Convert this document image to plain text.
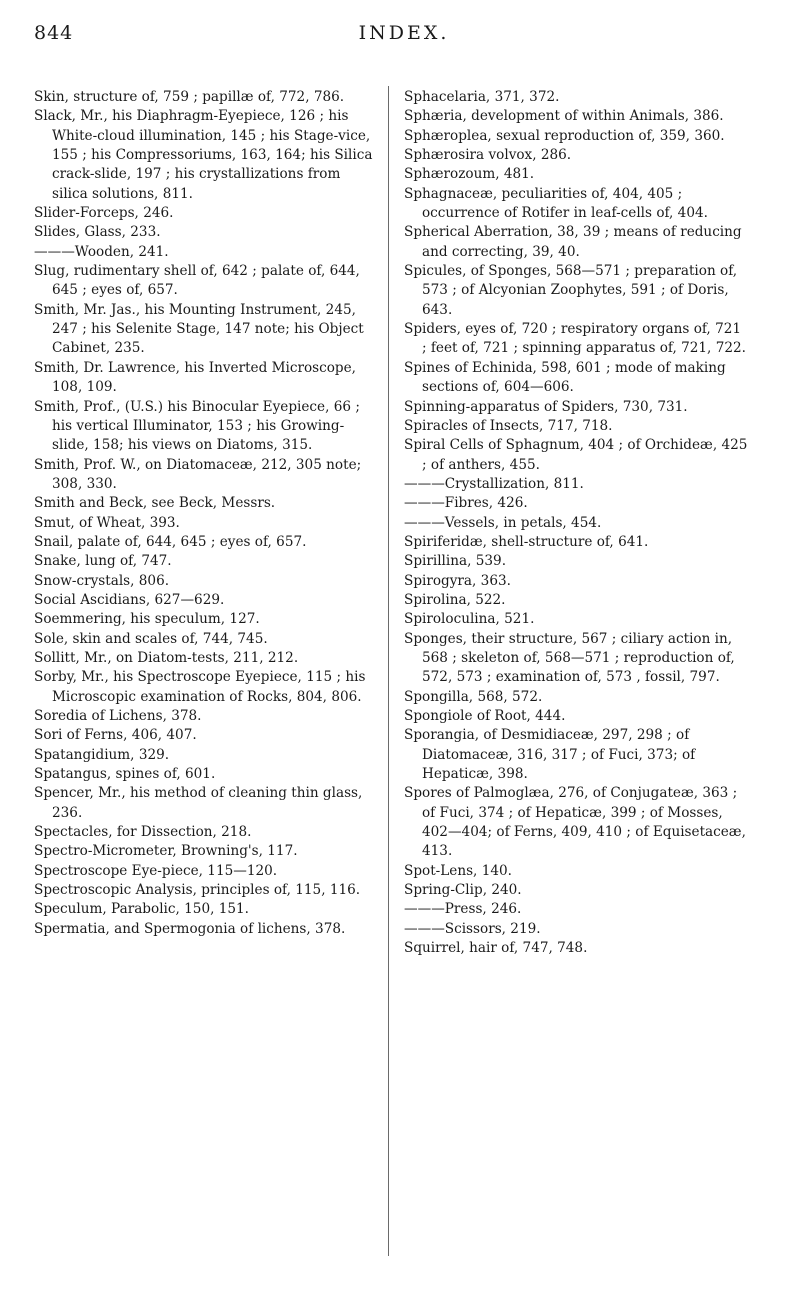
844	INDEX.

Skin, structure of, 759 ; papillæ of, 772, 786.

Slack, Mr., his Diaphragm-Eyepiece, 126 ; his White-cloud illumination, 145 ; his Stage-vice, 155 ; his Compressoriums, 163, 164; his Silica crack-slide, 197 ; his crystallizations from silica solutions, 811.

Slider-Forceps, 246.

Slides, Glass, 233.

———Wooden, 241.

Slug, rudimentary shell of, 642 ; palate of, 644, 645 ; eyes of, 657.

Smith, Mr. Jas., his Mounting Instrument, 245, 247 ; his Selenite Stage, 147 note; his Object Cabinet, 235.

Smith, Dr. Lawrence, his Inverted Microscope, 108, 109.

Smith, Prof., (U.S.) his Binocular Eyepiece, 66 ; his vertical Illuminator, 153 ; his Growing-slide, 158; his views on Diatoms, 315.

Smith, Prof. W., on Diatomaceæ, 212, 305 note; 308, 330.

Smith and Beck, see Beck, Messrs.

Smut, of Wheat, 393.

Snail, palate of, 644, 645 ; eyes of, 657.

Snake, lung of, 747.

Snow-crystals, 806.

Social Ascidians, 627—629.

Soemmering, his speculum, 127.

Sole, skin and scales of, 744, 745.

Sollitt, Mr., on Diatom-tests, 211, 212.

Sorby, Mr., his Spectroscope Eyepiece, 115 ; his Microscopic examination of Rocks, 804, 806.

Soredia of Lichens, 378.

Sori of Ferns, 406, 407.

Spatangidium, 329.

Spatangus, spines of, 601.

Spencer, Mr., his method of cleaning thin glass, 236.

Spectacles, for Dissection, 218.

Spectro-Micrometer, Browning's, 117.

Spectroscope Eye-piece, 115—120.

Spectroscopic Analysis, principles of, 115, 116.

Speculum, Parabolic, 150, 151.

Spermatia, and Spermogonia of lichens, 378.

Sphacelaria, 371, 372.

Sphæria, development of within Animals, 386.

Sphæroplea, sexual reproduction of, 359, 360.

Sphærosira volvox, 286.

Sphærozoum, 481.

Sphagnaceæ, peculiarities of, 404, 405 ; occurrence of Rotifer in leaf-cells of, 404.

Spherical Aberration, 38, 39 ; means of reducing and correcting, 39, 40.

Spicules, of Sponges, 568—571 ; preparation of, 573 ; of Alcyonian Zoophytes, 591 ; of Doris, 643.

Spiders, eyes of, 720 ; respiratory organs of, 721 ; feet of, 721 ; spinning apparatus of, 721, 722.

Spines of Echinida, 598, 601 ; mode of making sections of, 604—606.

Spinning-apparatus of Spiders, 730, 731.

Spiracles of Insects, 717, 718.

Spiral Cells of Sphagnum, 404 ; of Orchideæ, 425 ; of anthers, 455.

———Crystallization, 811.

———Fibres, 426.

———Vessels, in petals, 454.

Spiriferidæ, shell-structure of, 641.

Spirillina, 539.

Spirogyra, 363.

Spirolina, 522.

Spiroloculina, 521.

Sponges, their structure, 567 ; ciliary action in, 568 ; skeleton of, 568—571 ; reproduction of, 572, 573 ; examination of, 573 , fossil, 797.

Spongilla, 568, 572.

Spongiole of Root, 444.

Sporangia, of Desmidiaceæ, 297, 298 ; of Diatomaceæ, 316, 317 ; of Fuci, 373; of Hepaticæ, 398.

Spores of Palmoglæa, 276, of Conjugateæ, 363 ; of Fuci, 374 ; of Hepaticæ, 399 ; of Mosses, 402—404; of Ferns, 409, 410 ; of Equisetaceæ, 413.

Spot-Lens, 140.

Spring-Clip, 240.

———Press, 246.

———Scissors, 219.

Squirrel, hair of, 747, 748.
